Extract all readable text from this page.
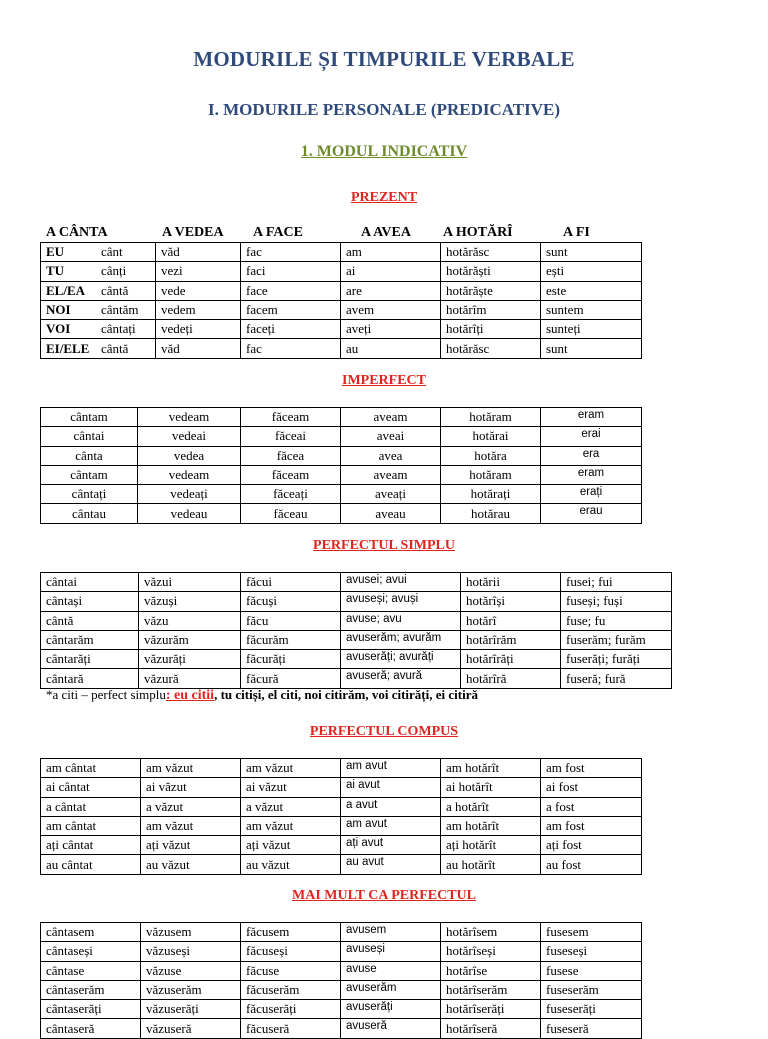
MODURILE ȘI TIMPURILE VERBALE
I. MODURILE PERSONALE (PREDICATIVE)
1. MODUL INDICATIV
PREZENT
A CÂNTA	A VEDEA A FACE	A AVEA A HOTĂRÎ	A FI
EU cânt	văd	fac	am	hotărăsc	sunt
TU cânți	vezi	faci	ai	hotărăști	ești
EL/EA cântă	vede	face	are	hotărăște	este
NOI cântăm	vedem	facem	avem	hotărîm	suntem
VOI cântați	vedeți	faceți	aveți	hotărîți	sunteți
EI/ELE cântă	văd	fac	au	hotărăsc	sunt
IMPERFECT
cântam	vedeam	făceam	aveam	hotăram	eram
cântai	vedeai	făceai	aveai	hotărai	erai
cânta	vedea	făcea	avea	hotăra	era
cântam	vedeam	făceam	aveam	hotăram	eram
cântați	vedeați	făceați	aveați	hotărați	erați
cântau	vedeau	făceau	aveau	hotărau	erau
PERFECTUL SIMPLU
cântai	văzui	făcui	avusei; avui	hotării	fusei; fui
cântași	văzuși	făcuși	avuseși; avuși	hotărîși	fuseși; fuși
cântă	văzu	făcu	avuse; avu	hotărî	fuse; fu
cântarăm	văzurăm	făcurăm	avuserăm; avurăm	hotărîrăm	fuserăm; furăm
cântarăți	văzurăți	făcurăți	avuserăți; avurăți	hotărîrăți	fuserăți; furăți
cântară	văzură	făcură	avuseră; avură	hotărîră	fuseră; fură
*a citi – perfect simplu: eu citii, tu citiși, el citi, noi citirăm, voi citirăți, ei citiră
PERFECTUL COMPUS
am cântat	am văzut	am văzut	am avut	am hotărît	am fost
ai cântat	ai văzut	ai văzut	ai avut	ai hotărît	ai fost
a cântat	a văzut	a văzut	a avut	a hotărît	a fost
am cântat	am văzut	am văzut	am avut	am hotărît	am fost
ați cântat	ați văzut	ați văzut	ați avut	ați hotărît	ați fost
au cântat	au văzut	au văzut	au avut	au hotărît	au fost
MAI MULT CA PERFECTUL
cântasem	văzusem	făcusem	avusem	hotărîsem	fusesem
cântaseși	văzuseși	făcuseși	avuseși	hotărîseși	fuseseși
cântase	văzuse	făcuse	avuse	hotărîse	fusese
cântaserăm	văzuserăm	făcuserăm	avuserăm	hotărîserăm	fuseserăm
cântaserăți	văzuserăți	făcuserăți	avuserăți	hotărîserăți	fuseserăți
cântaseră	văzuseră	făcuseră	avuseră	hotărîseră	fuseseră
